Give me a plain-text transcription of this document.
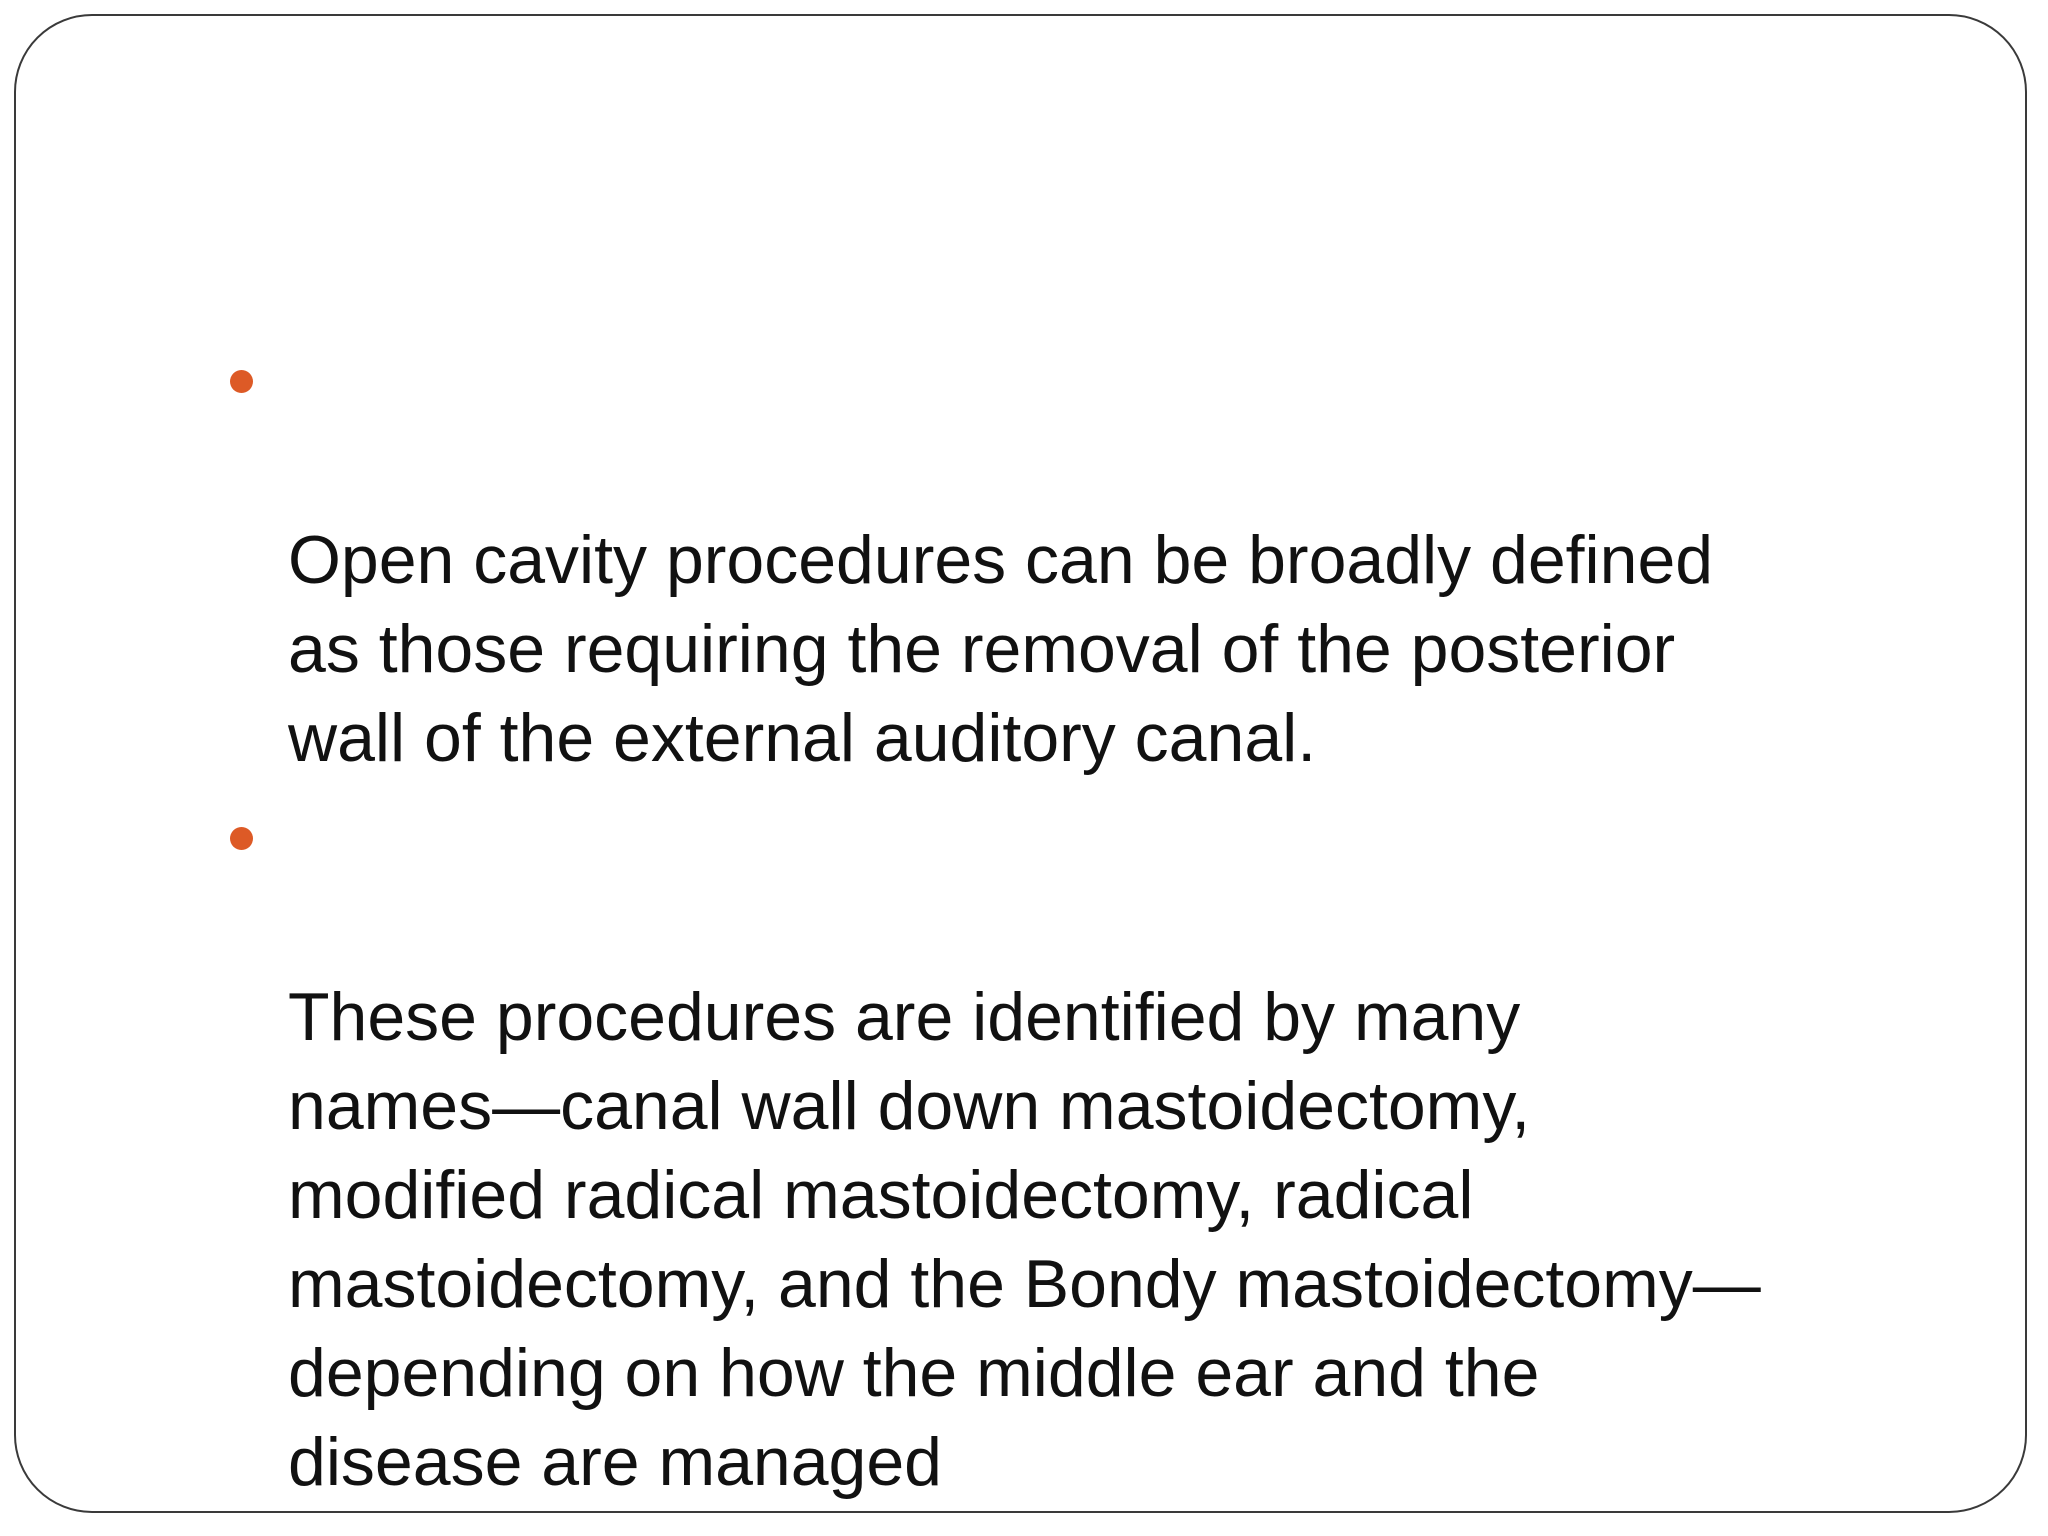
Open cavity procedures can be broadly defined
as those requiring the removal of the posterior
wall of the external auditory canal.

These procedures are identified by many
names—canal wall down mastoidectomy,
modified radical mastoidectomy, radical
mastoidectomy, and the Bondy mastoidectomy—
depending on how the middle ear and the
disease are managed
